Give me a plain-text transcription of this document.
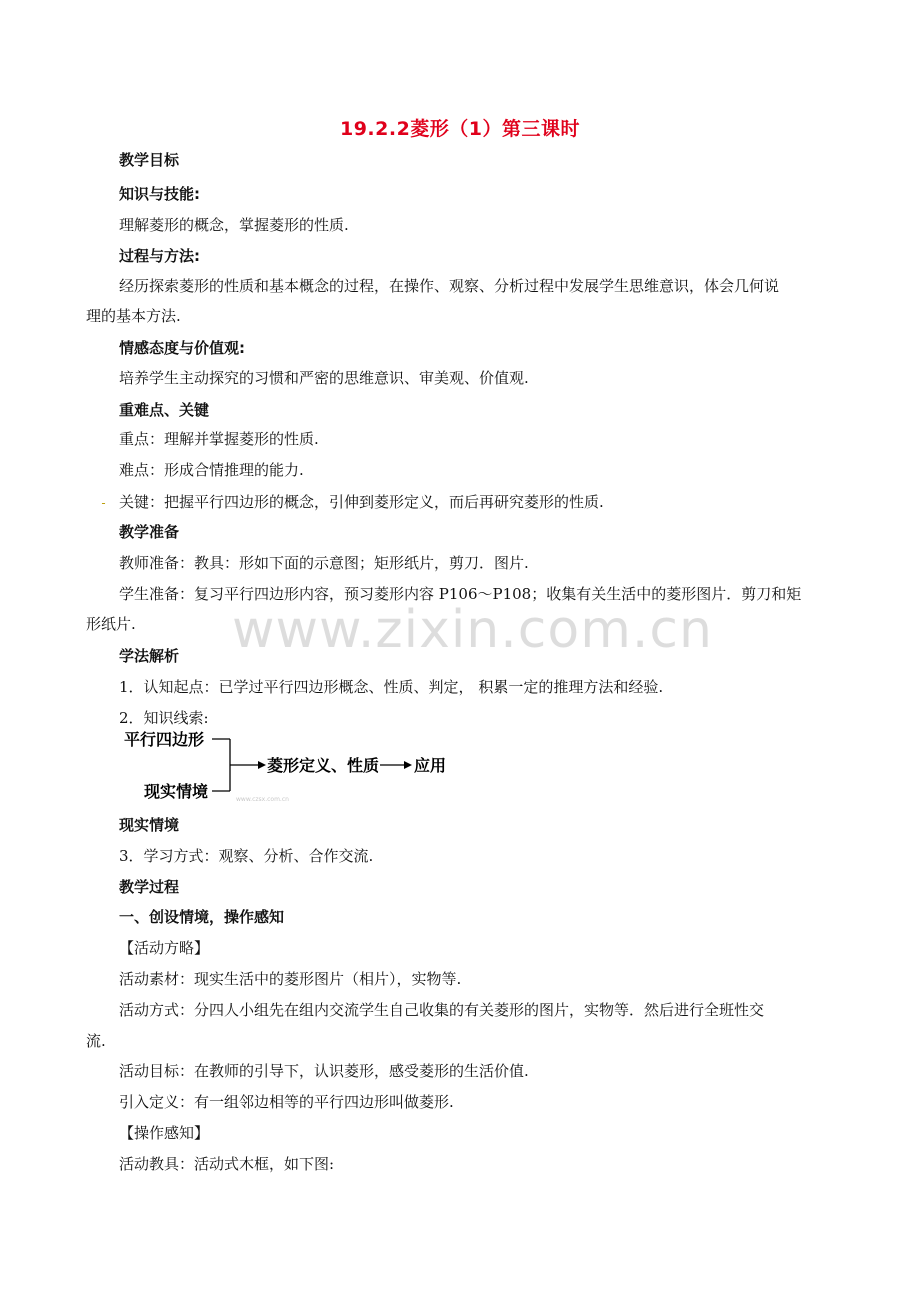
19.2.2菱形（1）第三课时
教学目标
知识与技能:
理解菱形的概念，掌握菱形的性质.
过程与方法:
经历探索菱形的性质和基本概念的过程，在操作、观察、分析过程中发展学生思维意识，体会几何说
理的基本方法.
情感态度与价值观:
培养学生主动探究的习惯和严密的思维意识、审美观、价值观.
重难点、关键
重点：理解并掌握菱形的性质.
难点：形成合情推理的能力.
ˍ 关键：把握平行四边形的概念，引伸到菱形定义，而后再研究菱形的性质.
教学准备
教师准备：教具：形如下面的示意图；矩形纸片，剪刀．图片.
学生准备：复习平行四边形内容，预习菱形内容 P106～P108；收集有关生活中的菱形图片．剪刀和矩
形纸片. www.zixin.com.cn
学法解析
1．认知起点：已学过平行四边形概念、性质、判定， 积累一定的推理方法和经验.
2．知识线索:
平行四边形
现实情境
菱形定义、性质 应用
www.czsx.com.cn
现实情境
3．学习方式：观察、分析、合作交流.
教学过程
一、创设情境，操作感知
【活动方略】
活动素材：现实生活中的菱形图片（相片），实物等.
活动方式：分四人小组先在组内交流学生自己收集的有关菱形的图片，实物等．然后进行全班性交
流.
活动目标：在教师的引导下，认识菱形，感受菱形的生活价值.
引入定义：有一组邻边相等的平行四边形叫做菱形.
【操作感知】
活动教具：活动式木框，如下图:
